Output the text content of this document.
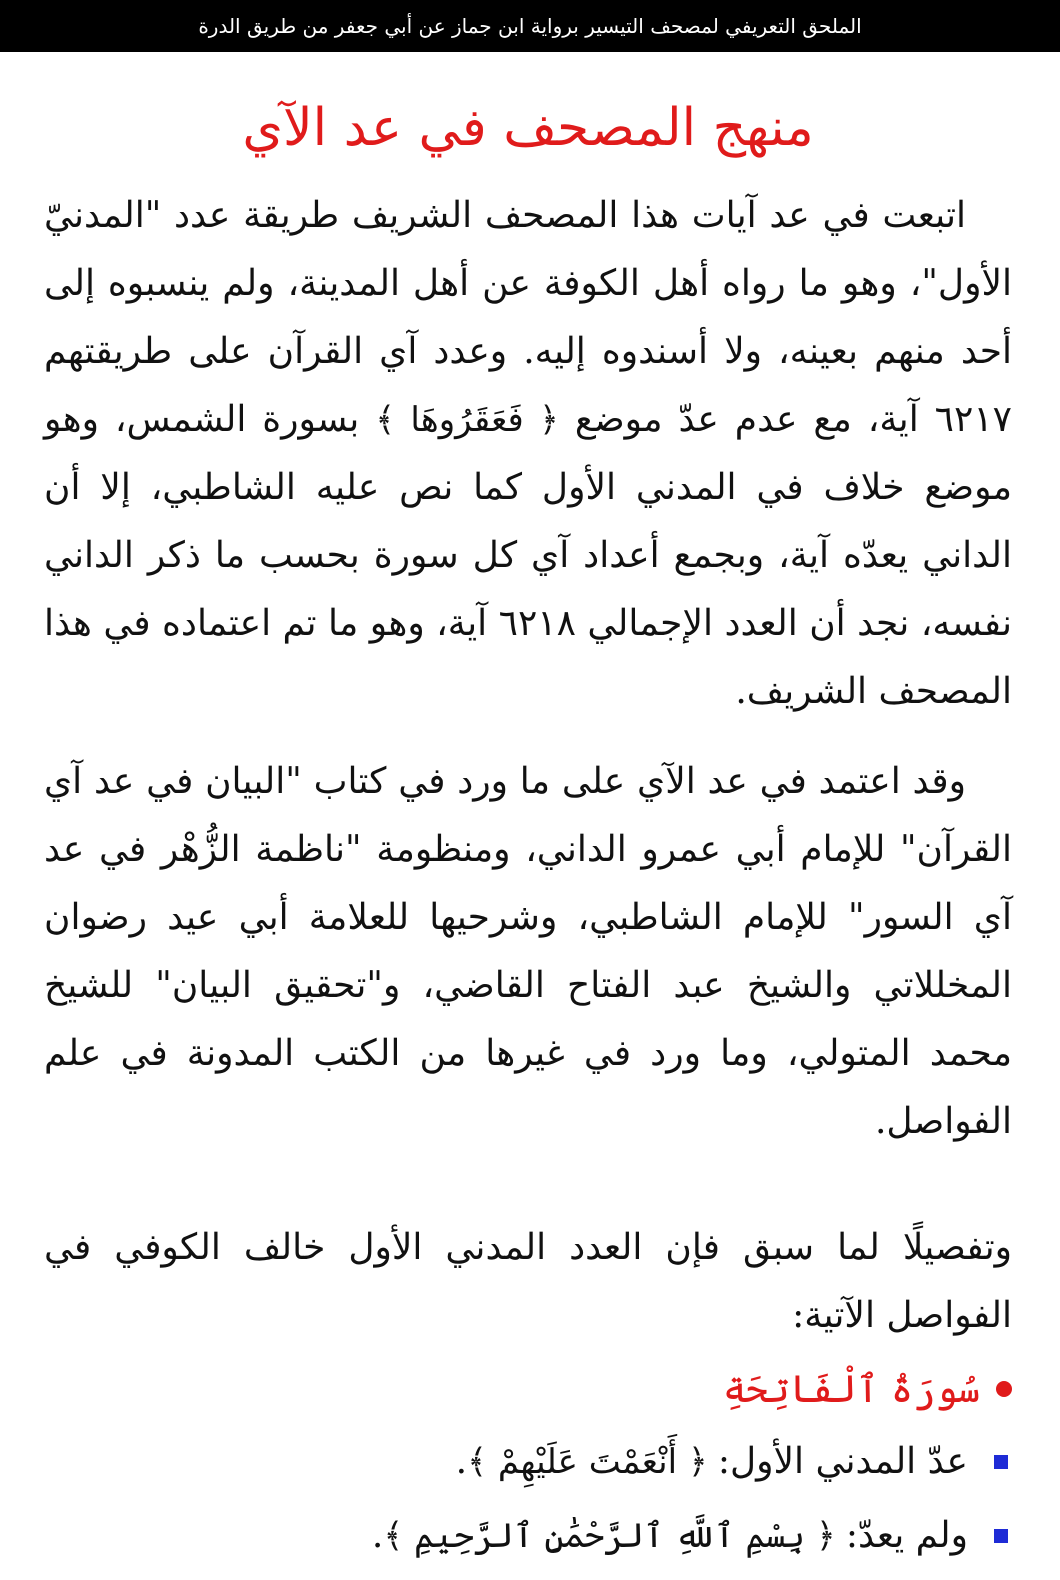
الملحق التعريفي لمصحف التيسير برواية ابن جماز عن أبي جعفر من طريق الدرة
منهج المصحف في عد الآي

اتبعت في عد آيات هذا المصحف الشريف طريقة عدد "المدنيّ الأول"، وهو ما رواه أهل الكوفة عن أهل المدينة، ولم ينسبوه إلى أحد منهم بعينه، ولا أسندوه إليه. وعدد آي القرآن على طريقتهم ٦٢١٧ آية، مع عدم عدّ موضع ﴿ فَعَقَرُوهَا ﴾ بسورة الشمس، وهو موضع خلاف في المدني الأول كما نص عليه الشاطبي، إلا أن الداني يعدّه آية، وبجمع أعداد آي كل سورة بحسب ما ذكر الداني نفسه، نجد أن العدد الإجمالي ٦٢١٨ آية، وهو ما تم اعتماده في هذا المصحف الشريف.

وقد اعتمد في عد الآي على ما ورد في كتاب "البيان في عد آي القرآن" للإمام أبي عمرو الداني، ومنظومة "ناظمة الزُّهْر في عد آي السور" للإمام الشاطبي، وشرحيها للعلامة أبي عيد رضوان المخللاتي والشيخ عبد الفتاح القاضي، و"تحقيق البيان" للشيخ محمد المتولي، وما ورد في غيرها من الكتب المدونة في علم الفواصل.

وتفصيلًا لما سبق فإن العدد المدني الأول خالف الكوفي في الفواصل الآتية:

سُورَةُ ٱلْفَاتِحَةِ
عدّ المدني الأول:
﴿ أَنْعَمْتَ عَلَيْهِمْ ﴾
.
ولم يعدّ:
﴿ بِسْمِ ٱللَّهِ ٱلرَّحْمَٰنِ ٱلرَّحِيمِ ﴾
.
